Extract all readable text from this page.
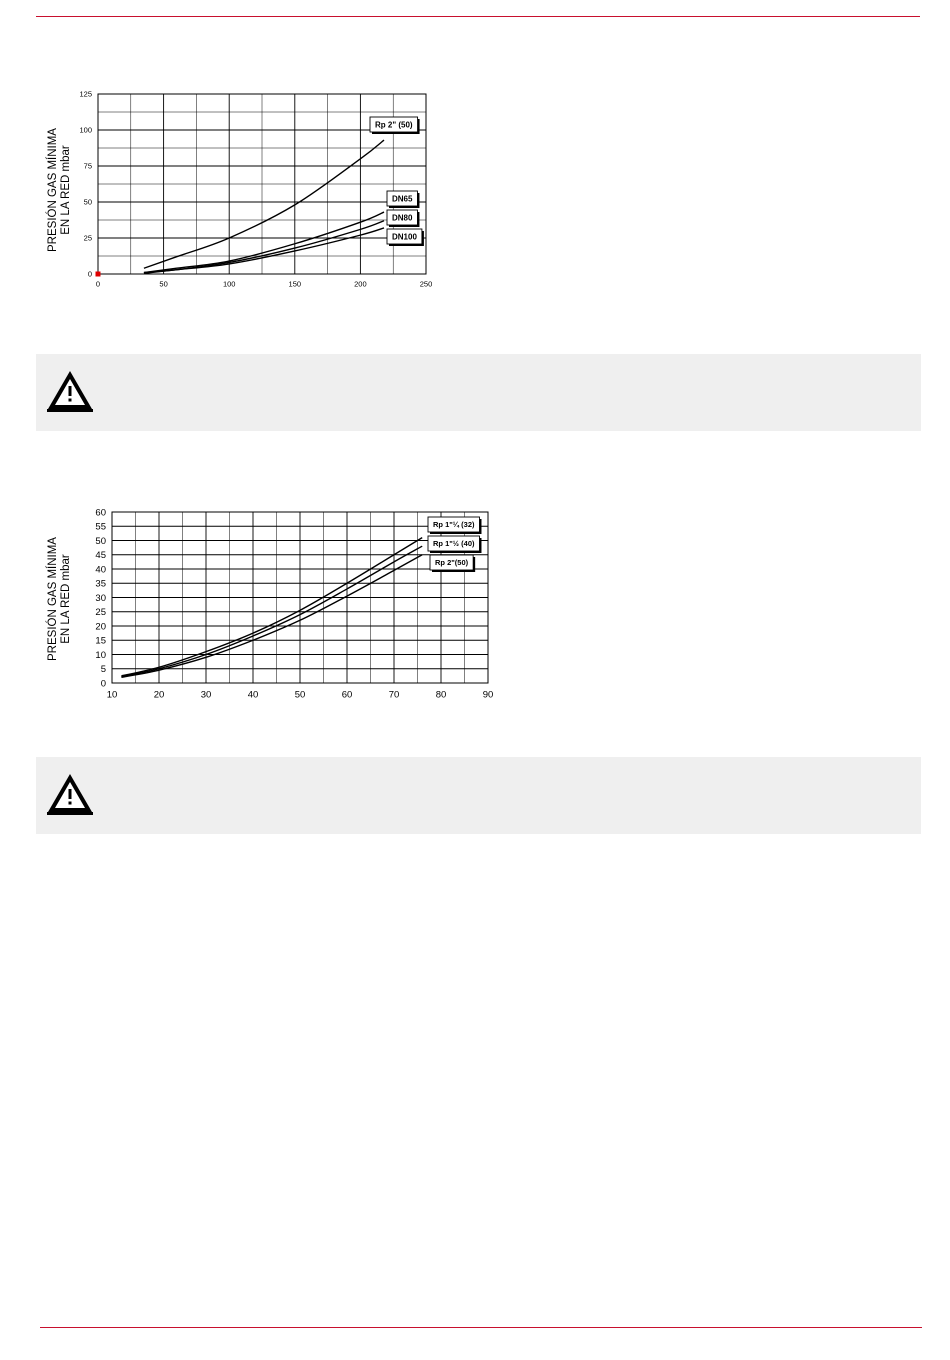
PRESIÓN GAS MÍNIMA EN LA RED mbar
0	50	100	150	200	250
0
25
50
75
100
125
Rp 2" (50)
DN65
DN80
DN100
PRESIÓN GAS MÍNIMA EN LA RED mbar
10	20	30	40	50	60	70	80	90
0
5
10
15
20
25
30
35
40
45
50
55
60
Rp 1"¼ (32)
Rp 1"½ (40)
Rp 2"(50)
